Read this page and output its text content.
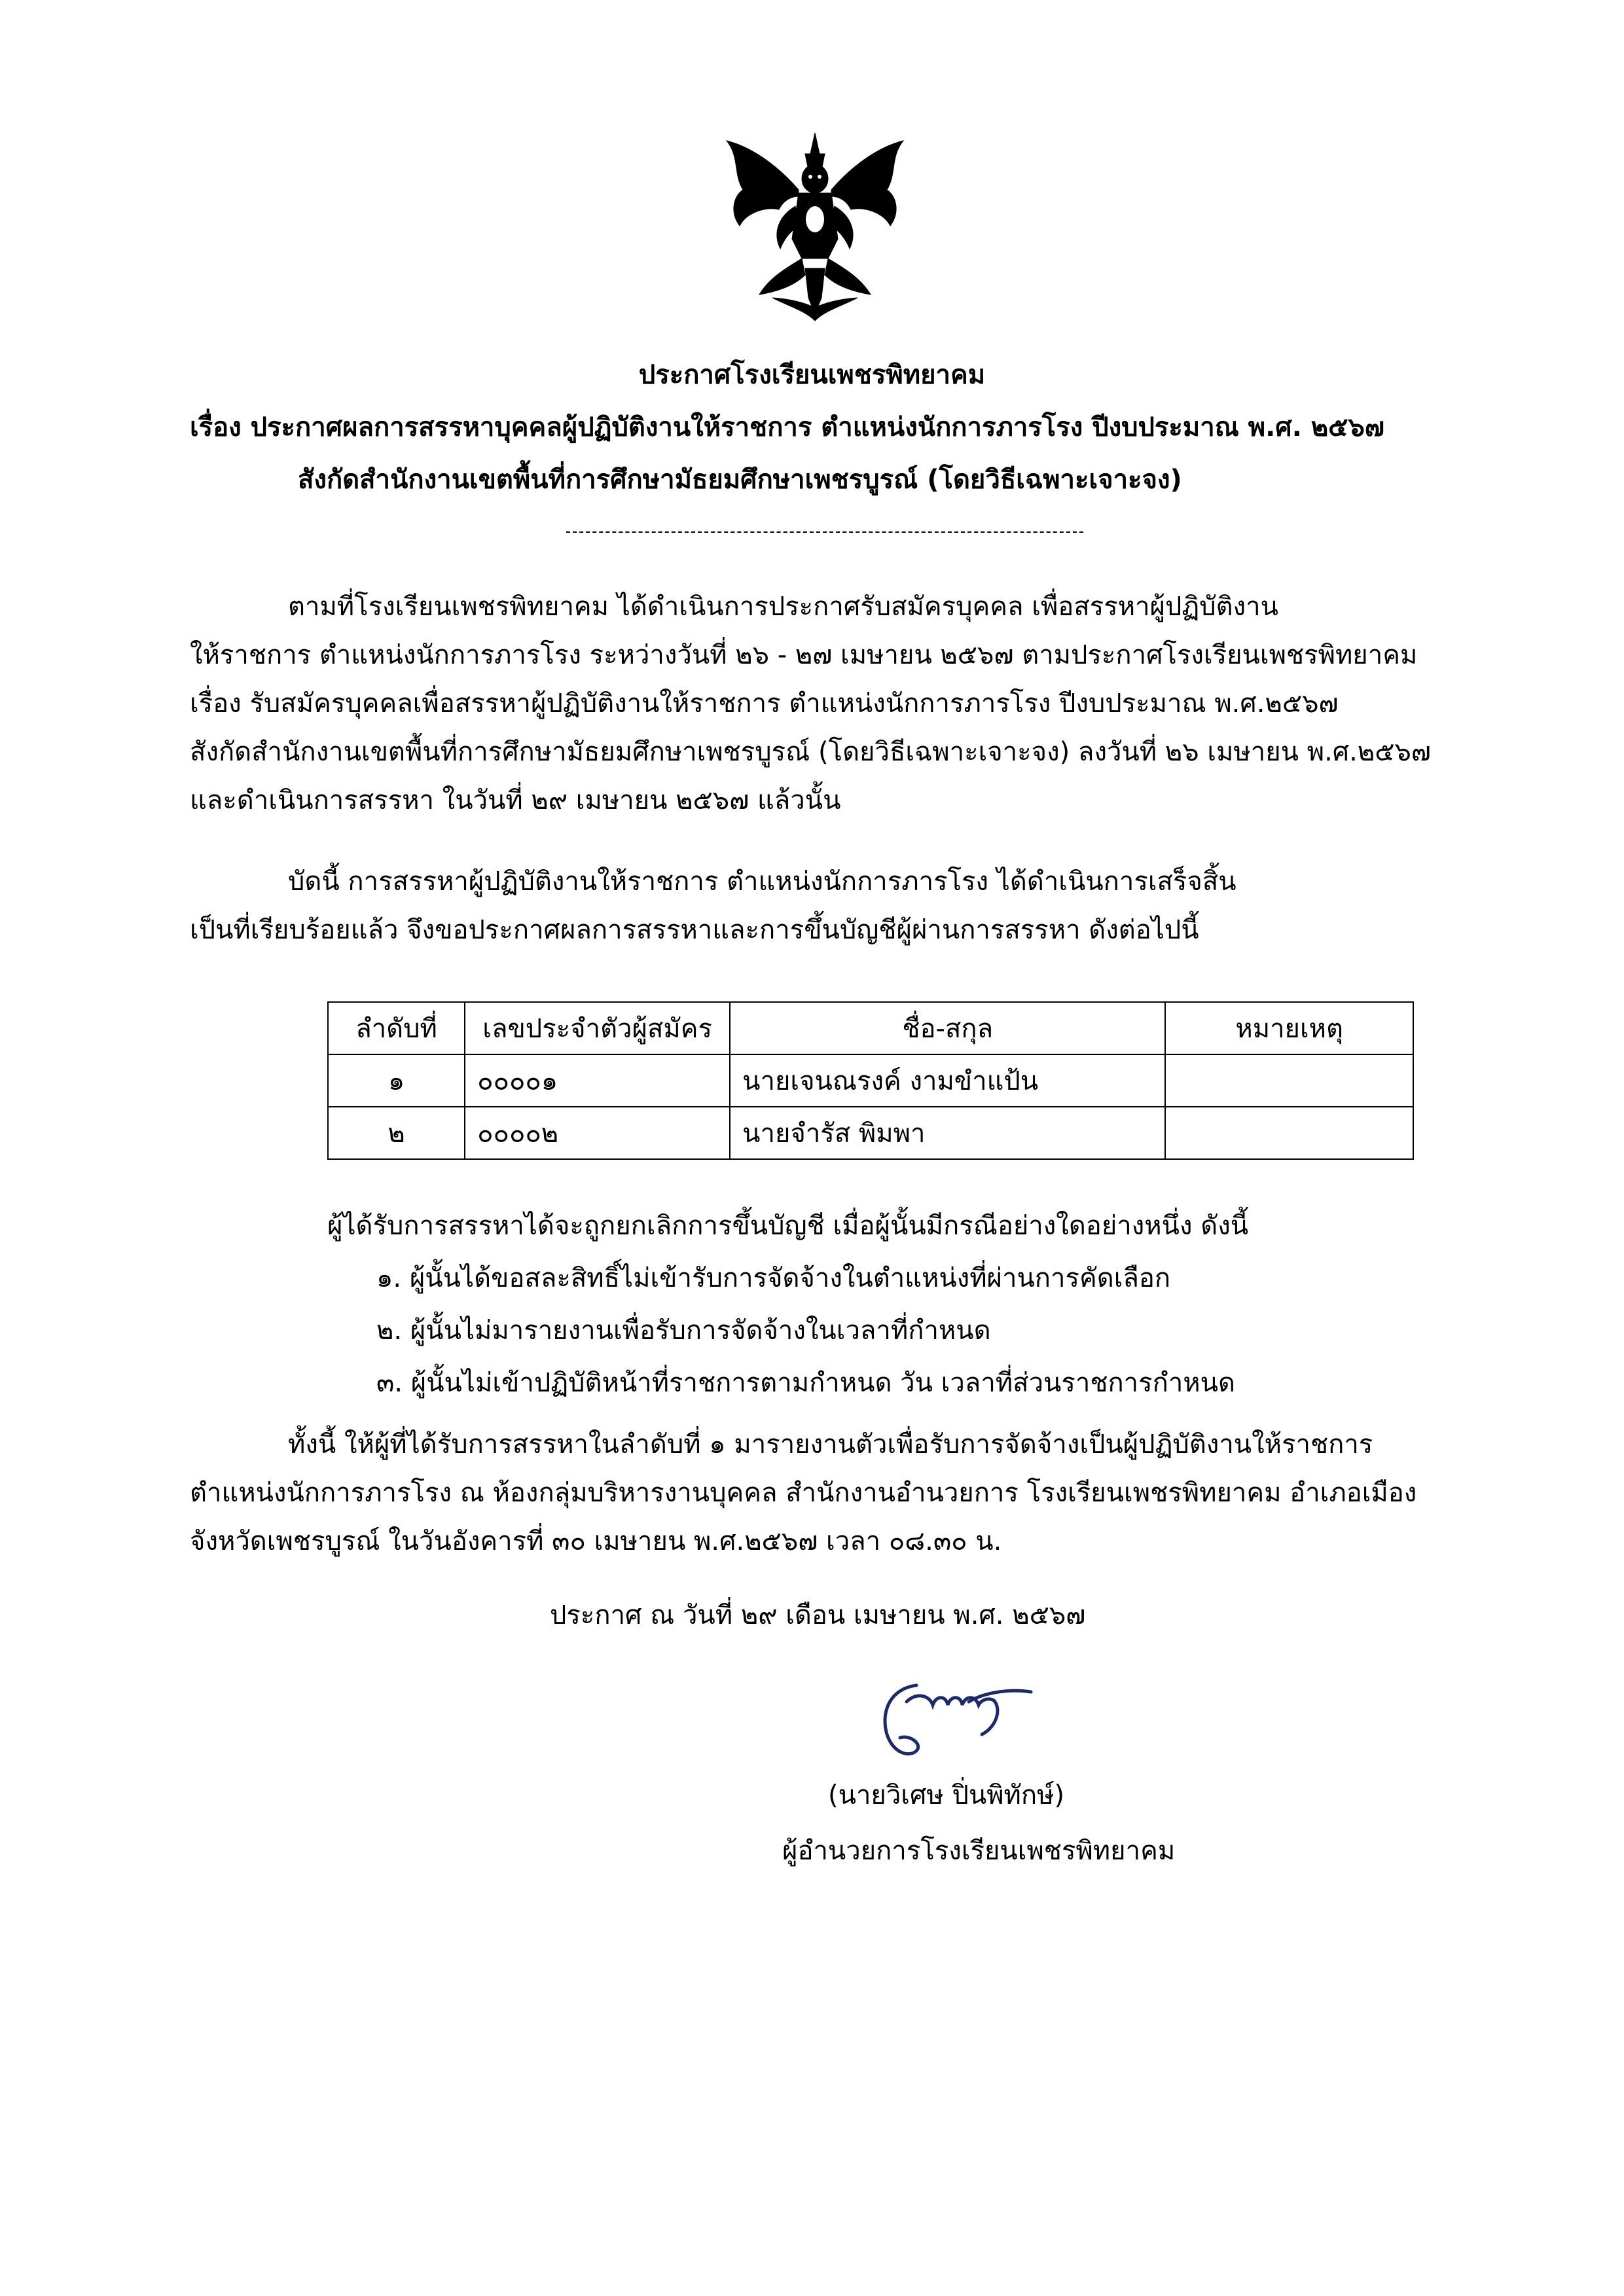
ประกาศโรงเรียนเพชรพิทยาคม
เรื่อง ประกาศผลการสรรหาบุคคลผู้ปฏิบัติงานให้ราชการ ตำแหน่งนักการภารโรง ปีงบประมาณ พ.ศ. ๒๕๖๗
สังกัดสำนักงานเขตพื้นที่การศึกษามัธยมศึกษาเพชรบูรณ์ (โดยวิธีเฉพาะเจาะจง)
ตามที่โรงเรียนเพชรพิทยาคม ได้ดำเนินการประกาศรับสมัครบุคคล เพื่อสรรหาผู้ปฏิบัติงาน
ให้ราชการ ตำแหน่งนักการภารโรง ระหว่างวันที่ ๒๖ - ๒๗ เมษายน ๒๕๖๗ ตามประกาศโรงเรียนเพชรพิทยาคม
เรื่อง รับสมัครบุคคลเพื่อสรรหาผู้ปฏิบัติงานให้ราชการ ตำแหน่งนักการภารโรง ปีงบประมาณ พ.ศ.๒๕๖๗
สังกัดสำนักงานเขตพื้นที่การศึกษามัธยมศึกษาเพชรบูรณ์ (โดยวิธีเฉพาะเจาะจง) ลงวันที่ ๒๖ เมษายน พ.ศ.๒๕๖๗
และดำเนินการสรรหา ในวันที่ ๒๙ เมษายน ๒๕๖๗ แล้วนั้น
บัดนี้ การสรรหาผู้ปฏิบัติงานให้ราชการ ตำแหน่งนักการภารโรง ได้ดำเนินการเสร็จสิ้น
เป็นที่เรียบร้อยแล้ว จึงขอประกาศผลการสรรหาและการขึ้นบัญชีผู้ผ่านการสรรหา ดังต่อไปนี้
ลำดับที่	เลขประจำตัวผู้สมัคร	ชื่อ-สกุล	หมายเหตุ
๑	๐๐๐๐๑	นายเจนณรงค์ งามขำแป้น	
๒	๐๐๐๐๒	นายจำรัส พิมพา	
ผู้ได้รับการสรรหาได้จะถูกยกเลิกการขึ้นบัญชี เมื่อผู้นั้นมีกรณีอย่างใดอย่างหนึ่ง ดังนี้
๑. ผู้นั้นได้ขอสละสิทธิ์ไม่เข้ารับการจัดจ้างในตำแหน่งที่ผ่านการคัดเลือก
๒. ผู้นั้นไม่มารายงานเพื่อรับการจัดจ้างในเวลาที่กำหนด
๓. ผู้นั้นไม่เข้าปฏิบัติหน้าที่ราชการตามกำหนด วัน เวลาที่ส่วนราชการกำหนด
ทั้งนี้ ให้ผู้ที่ได้รับการสรรหาในลำดับที่ ๑ มารายงานตัวเพื่อรับการจัดจ้างเป็นผู้ปฏิบัติงานให้ราชการ
ตำแหน่งนักการภารโรง ณ ห้องกลุ่มบริหารงานบุคคล สำนักงานอำนวยการ โรงเรียนเพชรพิทยาคม อำเภอเมือง
จังหวัดเพชรบูรณ์ ในวันอังคารที่ ๓๐ เมษายน พ.ศ.๒๕๖๗ เวลา ๐๘.๓๐ น.
ประกาศ ณ วันที่ ๒๙ เดือน เมษายน พ.ศ. ๒๕๖๗
(นายวิเศษ ปิ่นพิทักษ์)
ผู้อำนวยการโรงเรียนเพชรพิทยาคม
